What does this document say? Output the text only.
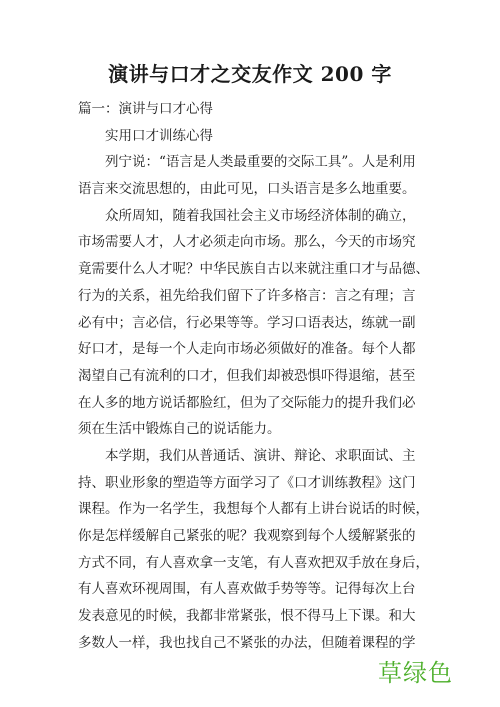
演讲与口才之交友作文 200 字

篇一：演讲与口才心得

实用口才训练心得

列宁说：“语言是人类最重要的交际工具”。人是利用

语言来交流思想的，由此可见，口头语言是多么地重要。

众所周知，随着我国社会主义市场经济体制的确立，

市场需要人才，人才必须走向市场。那么，今天的市场究

竟需要什么人才呢？中华民族自古以来就注重口才与品德、

行为的关系，祖先给我们留下了许多格言：言之有理；言

必有中；言必信，行必果等等。学习口语表达，练就一副

好口才，是每一个人走向市场必须做好的准备。每个人都

渴望自己有流利的口才，但我们却被恐惧吓得退缩，甚至

在人多的地方说话都脸红，但为了交际能力的提升我们必

须在生活中锻炼自己的说话能力。

本学期，我们从普通话、演讲、辩论、求职面试、主

持、职业形象的塑造等方面学习了《口才训练教程》这门

课程。作为一名学生，我想每个人都有上讲台说话的时候，

你是怎样缓解自己紧张的呢？我观察到每个人缓解紧张的

方式不同，有人喜欢拿一支笔，有人喜欢把双手放在身后，

有人喜欢环视周围，有人喜欢做手势等等。记得每次上台

发表意见的时候，我都非常紧张，恨不得马上下课。和大

多数人一样，我也找自己不紧张的办法，但随着课程的学

草绿色
